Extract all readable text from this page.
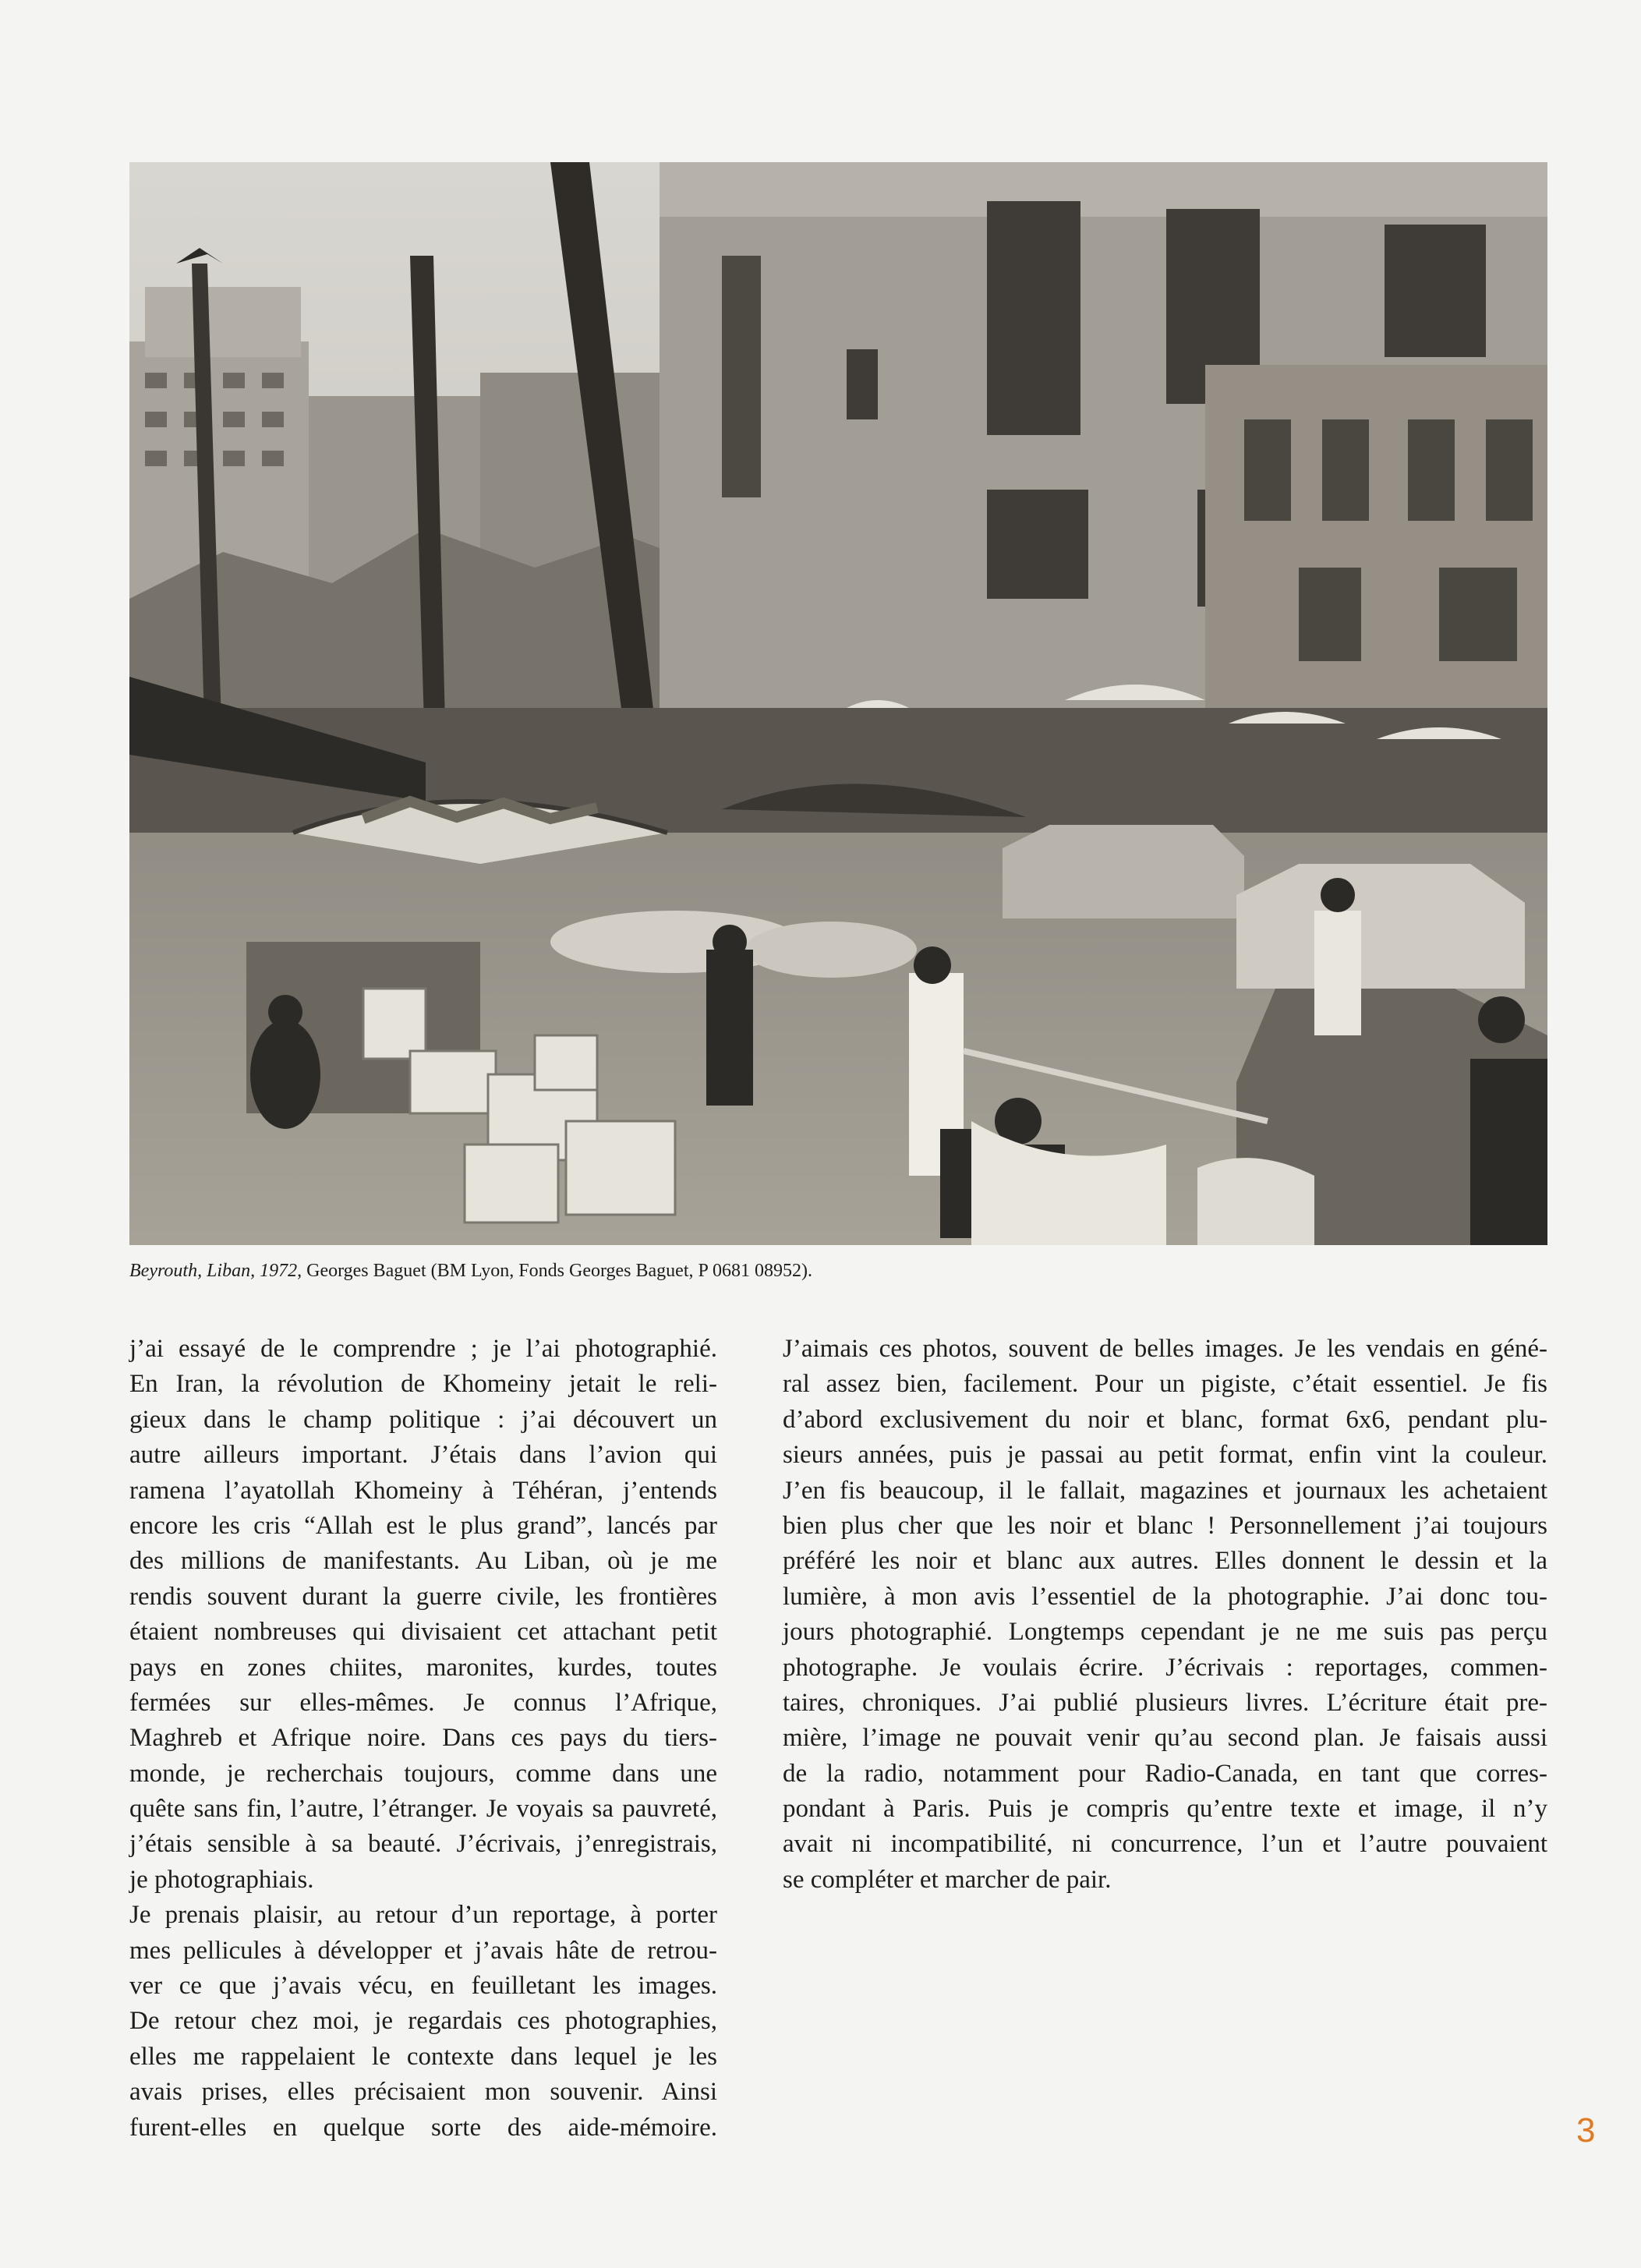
Beyrouth, Liban, 1972, Georges Baguet (BM Lyon, Fonds Georges Baguet, P 0681 08952).
j’ai essayé de le comprendre ; je l’ai photographié.
En Iran, la révolution de Khomeiny jetait le reli-
gieux dans le champ politique : j’ai découvert un
autre ailleurs important. J’étais dans l’avion qui
ramena l’ayatollah Khomeiny à Téhéran, j’entends
encore les cris “Allah est le plus grand”, lancés par
des millions de manifestants. Au Liban, où je me
rendis souvent durant la guerre civile, les frontières
étaient nombreuses qui divisaient cet attachant petit
pays en zones chiites, maronites, kurdes, toutes
fermées sur elles-mêmes. Je connus l’Afrique,
Maghreb et Afrique noire. Dans ces pays du tiers-
monde, je recherchais toujours, comme dans une
quête sans fin, l’autre, l’étranger. Je voyais sa pauvreté,
j’étais sensible à sa beauté. J’écrivais, j’enregistrais,
je photographiais.
Je prenais plaisir, au retour d’un reportage, à porter
mes pellicules à développer et j’avais hâte de retrou-
ver ce que j’avais vécu, en feuilletant les images.
De retour chez moi, je regardais ces photographies,
elles me rappelaient le contexte dans lequel je les
avais prises, elles précisaient mon souvenir. Ainsi
furent-elles en quelque sorte des aide-mémoire.
J’aimais ces photos, souvent de belles images. Je les vendais en géné-
ral assez bien, facilement. Pour un pigiste, c’était essentiel. Je fis
d’abord exclusivement du noir et blanc, format 6x6, pendant plu-
sieurs années, puis je passai au petit format, enfin vint la couleur.
J’en fis beaucoup, il le fallait, magazines et journaux les achetaient
bien plus cher que les noir et blanc ! Personnellement j’ai toujours
préféré les noir et blanc aux autres. Elles donnent le dessin et la
lumière, à mon avis l’essentiel de la photographie. J’ai donc tou-
jours photographié. Longtemps cependant je ne me suis pas perçu
photographe. Je voulais écrire. J’écrivais : reportages, commen-
taires, chroniques. J’ai publié plusieurs livres. L’écriture était pre-
mière, l’image ne pouvait venir qu’au second plan. Je faisais aussi
de la radio, notamment pour Radio-Canada, en tant que corres-
pondant à Paris. Puis je compris qu’entre texte et image, il n’y
avait ni incompatibilité, ni concurrence, l’un et l’autre pouvaient
se compléter et marcher de pair.
3
